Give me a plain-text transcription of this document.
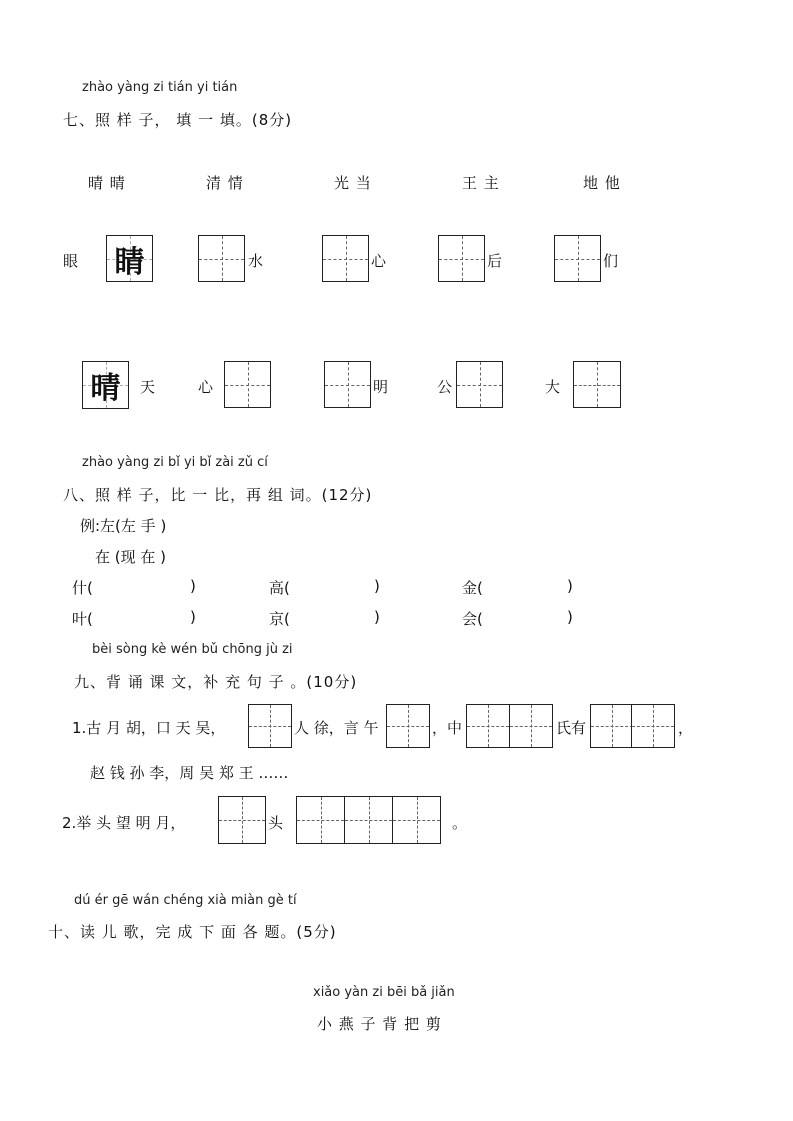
zhào yàng zi tián yi tián
七、照 样 子， 填 一 填。(8分)
晴 晴	清 情	光 当	王 主	地 他
眼 睛	水	心	后	们
晴	天	心	明	公	大
zhào yàng zi bǐ yi bǐ zài zǔ cí
八、照 样 子，比 一 比，再 组 词。(12分)
例:左(左 手 )
在 (现 在 )
什(	)	高(	)	金(	)
叶(	)	京(	)	会(	)
bèi sòng kè wén bǔ chōng jù zi
九、背 诵 课 文，补 充 句 子 。(10分)
1.古 月 胡，口 天 吴，	人 徐，言 午	，中	氏有	，
赵 钱 孙 李，周 吴 郑 王 ……
2.举 头 望 明 月，	头	。
dú ér gē wán chéng xià miàn gè tí
十、读 儿 歌，完 成 下 面 各 题。(5分)
xiǎo yàn zi bēi bǎ jiǎn
小 燕 子 背 把 剪
